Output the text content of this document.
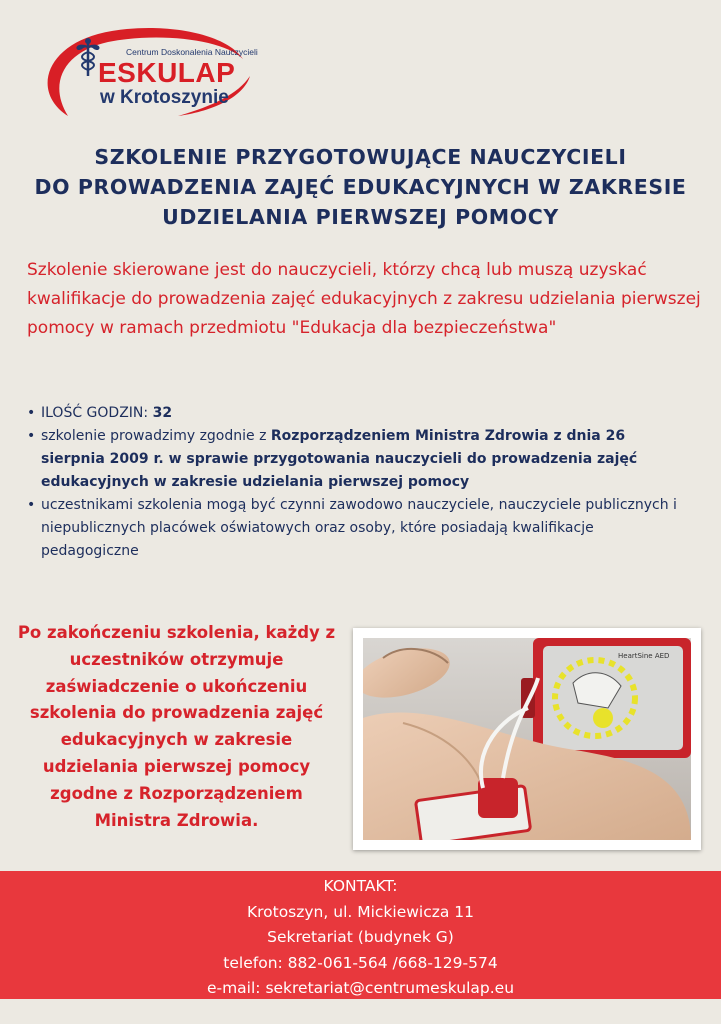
Centrum Doskonalenia Nauczycieli
ESKULAP
w Krotoszynie
SZKOLENIE PRZYGOTOWUJĄCE NAUCZYCIELI
DO PROWADZENIA ZAJĘĆ EDUKACYJNYCH W ZAKRESIE
UDZIELANIA PIERWSZEJ POMOCY
Szkolenie skierowane jest do nauczycieli, którzy chcą lub muszą uzyskać kwalifikacje do prowadzenia zajęć edukacyjnych z zakresu udzielania pierwszej pomocy w ramach przedmiotu "Edukacja dla bezpieczeństwa"
• ILOŚĆ GODZIN: 32
• szkolenie prowadzimy zgodnie z Rozporządzeniem Ministra Zdrowia z dnia 26 sierpnia 2009 r. w sprawie przygotowania nauczycieli do prowadzenia zajęć edukacyjnych w zakresie udzielania pierwszej pomocy
• uczestnikami szkolenia mogą być czynni zawodowo nauczyciele, nauczyciele publicznych i niepublicznych placówek oświatowych oraz osoby, które posiadają kwalifikacje pedagogiczne
Po zakończeniu szkolenia, każdy z uczestników otrzymuje zaświadczenie o ukończeniu szkolenia do prowadzenia zajęć edukacyjnych w zakresie udzielania pierwszej pomocy zgodne z Rozporządzeniem Ministra Zdrowia.
HeartSine AED
KONTAKT:
Krotoszyn, ul. Mickiewicza 11
Sekretariat (budynek G)
telefon: 882-061-564 /668-129-574
e-mail: sekretariat@centrumeskulap.eu
